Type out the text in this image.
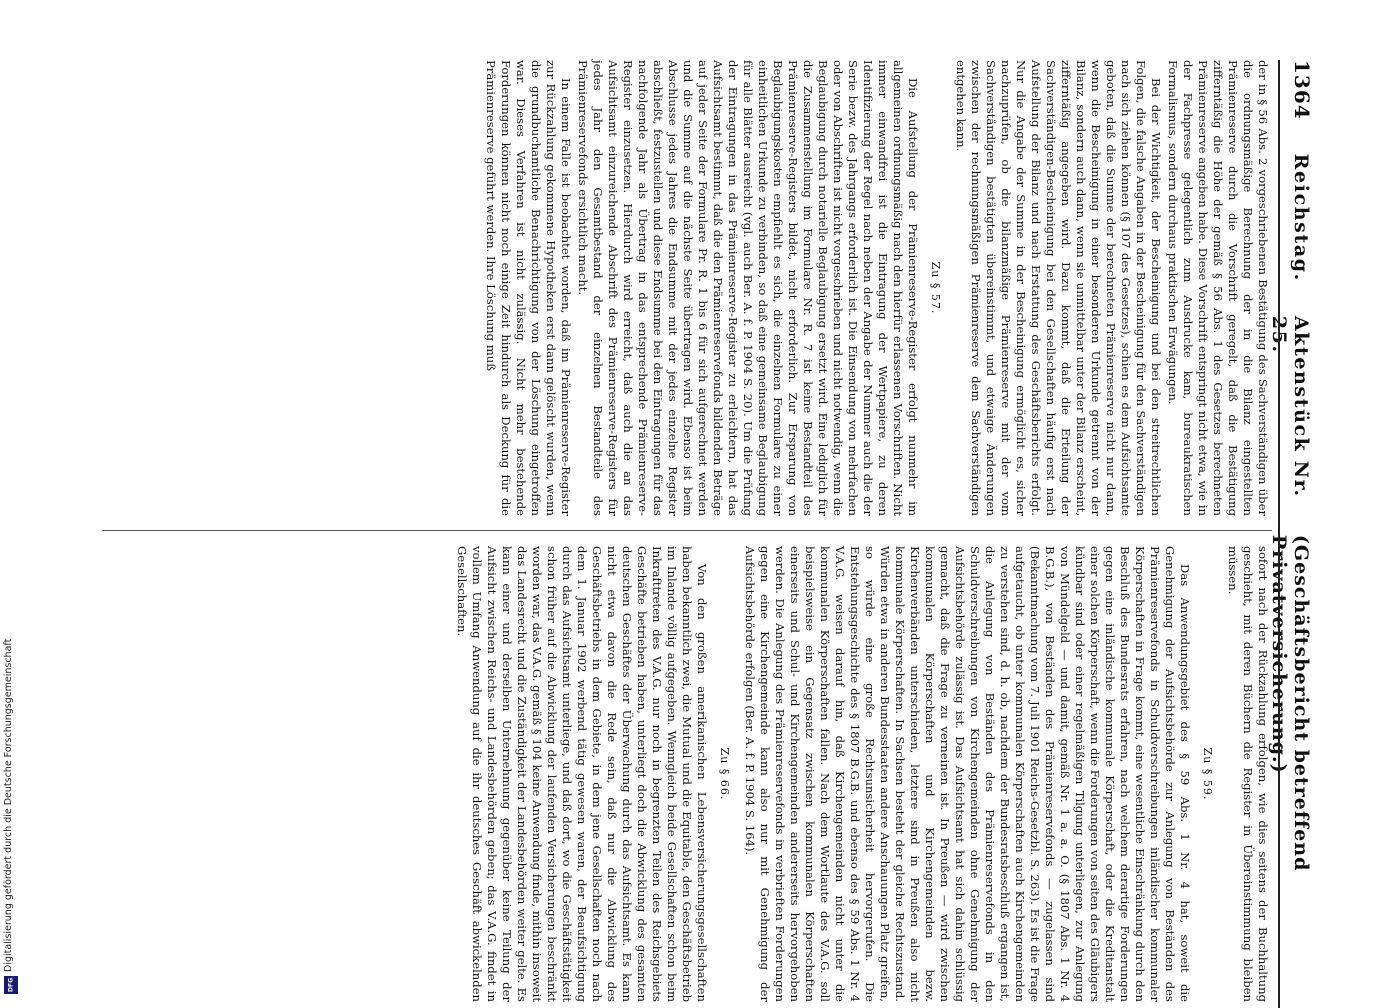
1364
Reichstag.
Aktenstück Nr. 25.
(Geschäftsbericht betreffend Privatversicherung.)

der in § 56 Abs. 2 vorgeschriebenen Bestätigung des Sachverständigen über die ordnungsmäßige Berechnung der in die Bilanz eingestellten Prämienreserve durch die Vorschrift geregelt, daß die Bestätigung zifferntäßig die Höhe der gemäß § 56 Abs. 1 des Gesetzes berechneten Prämienreserve angeben habe. Diese Vorschrift entspringt nicht etwa, wie in der Fachpresse gelegentlich zum Ausdrucke kam, bureaukratischen Formalismus, sondern durchaus praktischen Erwägungen.

Bei der Wichtigkeit, der Bescheinigung und bei den streitrechtlichen Folgen, die falsche Angaben in der Bescheinigung für den Sachverständigen nach sich ziehen können (§ 107 des Gesetzes), schien es dem Aufsichtsamte geboten, daß die Summe der berechneten Prämienreserve nicht nur dann, wenn die Bescheinigung in einer besonderen Urkunde getrennt von der Bilanz, sondern auch dann, wenn sie unmittelbar unter der Bilanz erscheint, zifferntäßig angegeben wird. Dazu kommt, daß die Erteilung der Sachverständigen-Bescheinigung bei den Gesellschaften häufig erst nach Aufstellung der Bilanz und nach Erstattung des Geschäftsberichts erfolgt. Nur die Angabe der Summe in der Bescheinigung ermöglicht es, sicher nachzuprüfen, ob die bilanzmäßige Prämienreserve mit der vom Sachverständigen bestätigten übereinstimmt, und etwaige Änderungen zwischen der rechnungsmäßigen Prämienreserve dem Sachverständigen entgehen kann.

Zu § 57.

Die Aufstellung der Prämienreserve-Register erfolgt nunmehr im allgemeinen ordnungsmäßig nach den hierfür erlassenen Vorschriften. Nicht immer einwandfrei ist die Eintragung der Wertpapiere, zu deren Identifizierung der Regel nach neben der Angabe der Nummer auch die der Serie bezw. des Jahrgangs erforderlich ist. Die Einsendung von mehrfachen oder von Abschriften ist nicht vorgeschrieben und nicht notwendig, wenn die Beglaubigung durch notarielle Beglaubigung ersetzt wird. Eine lediglich für die Zusammenstellung im Formulare Nr. R. 7 ist keine Bestandteil des Prämienreserve-Registers bildet, nicht erforderlich. Zur Ersparung von Beglaubigungskosten empfiehlt es sich, die einzelnen Formulare zu einer einheitlichen Urkunde zu verbinden, so daß eine gemeinsame Beglaubigung für alle Blätter ausreicht (vgl. auch Ber. A. f. P. 1904 S. 20). Um die Prüfung der Eintragungen in das Prämienreserve-Register zu erleichtern, hat das Aufsichtsamt bestimmt, daß die den Prämienreservefonds bildenden Beträge auf jeder Seite der Formulare Pr. R. 1 bis 6 für sich aufgerechnet werden und die Summe auf die nächste Seite übertragen wird. Ebenso ist beim Abschlusse jedes Jahres die Endsumme mit der jedes einzelne Register abschließt, festzustellen und diese Endsumme bei den Eintragungen für das nachfolgende Jahr als Übertrag in das entsprechende Prämienreserve-Register einzusetzen. Hierdurch wird erreicht, daß auch die an das Aufsichtsamt einzureichende Abschrift des Prämienreserve-Registers für jedes Jahr den Gesamtbestand der einzelnen Bestandteile des Prämienreservefonds ersichtlich macht.

In einem Falle ist beobachtet worden, daß im Prämienreserve-Register zur Rückzahlung gekommene Hypotheken erst dann gelöscht wurden, wenn die grundbuchamtliche Benachrichtigung von der Löschung eingetroffen war. Dieses Verfahren ist nicht zulässig. Nicht mehr bestehende Forderungen können nicht noch einige Zeit hindurch als Deckung für die Prämienreserve geführt werden. Ihre Löschung muß

sofort nach der Rückzahlung erfolgen, wie dies seitens der Buchhaltung geschieht, mit deren Büchern die Register in Übereinstimmung bleiben müssen.

Zu § 59.

Das Anwendungsgebiet des § 59 Abs. 1 Nr. 4 hat, soweit die Genehmigung der Aufsichtsbehörde zur Anlegung von Beständen des Prämienreservefonds in Schuldverschreibungen inländischer kommunaler Körperschaften in Frage kommt, eine wesentliche Einschränkung durch den Beschluß des Bundesrats erfahren, nach welchem derartige Forderungen gegen eine inländische kommunale Körperschaft, oder die Kreditanstalt einer solchen Körperschaft, wenn die Forderungen von seiten des Gläubigers kündbar sind oder einer regelmäßigen Tilgung unterliegen, zur Anlegung von Mündelgeld — und damit, gemäß Nr. 1 a. a. O. (§ 1807 Abs. 1 Nr. 4 B.G.B.), von Beständen des Prämienreservefonds — zugelassen sind (Bekanntmachung vom 7. Juli 1901 Reichs-Gesetzbl. S. 263). Es ist die Frage aufgetaucht, ob unter kommunalen Körperschaften auch Kirchengemeinden zu verstehen sind, d. h. ob, nachdem der Bundesratsbeschluß ergangen ist, die Anlegung von Beständen des Prämienreservefonds in den Schuldverschreibungen von Kirchengemeinden ohne Genehmigung der Aufsichtsbehörde zulässig ist. Das Aufsichtsamt hat sich dahin schlüssig gemacht, daß die Frage zu verneinen ist. In Preußen — wird zwischen kommunalen Körperschaften und Kirchengemeinden bezw. Kirchenverbänden unterschieden, letztere sind in Preußen also nicht kommunale Körperschaften. In Sachsen besteht der gleiche Rechtszustand. Würden etwa in anderen Bundesstaaten andere Anschauungen Platz greifen, so würde eine große Rechtsunsicherheit hervorgerufen. Die Entstehungsgeschichte des § 1807 B.G.B. und ebenso des § 59 Abs. 1 Nr. 4 V.A.G. weisen darauf hin, daß Kirchengemeinden nicht unter die kommunalen Körperschaften fallen. Nach dem Wortlaute des V.A.G. soll beispielsweise ein Gegensatz zwischen kommunalen Körperschaften einerseits und Schul- und Kirchengemeinden andererseits hervorgehoben werden. Die Anlegung des Prämienreservefonds in verbrieften Forderungen gegen eine Kirchengemeinde kann also nur mit Genehmigung der Aufsichtsbehörde erfolgen (Ber. A. f. P. 1904 S. 164).

Zu § 66.

Von den großen amerikanischen Lebensversicherungsgesellschaften haben bekanntlich zwei, die Mutual und die Equitable, den Geschäftsbetrieb im Inlande völlig aufgegeben. Wenngleich beide Gesellschaften schon beim Inkrafttreten des V.A.G. nur noch in begrenzten Teilen des Reichsgebiets Geschäfte betrieben haben, unterliegt doch die Abwicklung des gesamten deutschen Geschäftes der Überwachung durch das Aufsichtsamt. Es kann nicht etwa davon die Rede sein, daß nur die Abwicklung des Geschäftsbetriebs in dem Gebiete, in dem jene Gesellschaften noch nach dem 1. Januar 1902 werbend tätig gewesen waren, der Beaufsichtigung durch das Aufsichtsamt unterliege, und daß dort, wo die Geschäftstätigkeit schon früher auf die Abwicklung der laufenden Versicherungen beschränkt worden war, das V.A.G. gemäß § 104 keine Anwendung finde, mithin insoweit das Landesrecht und die Zuständigkeit der Landesbehörden weiter gelte. Es kann einer und derselben Unternehmung gegenüber keine Teilung der Aufsicht zwischen Reichs- und Landesbehörden geben; das V.A.G. findet in vollem Umfang Anwendung auf die ihr deutsches Geschäft abwickelnden Gesellschaften.

Digitalisierung gefördert durch die Deutsche Forschungsgemeinschaft
DFG
